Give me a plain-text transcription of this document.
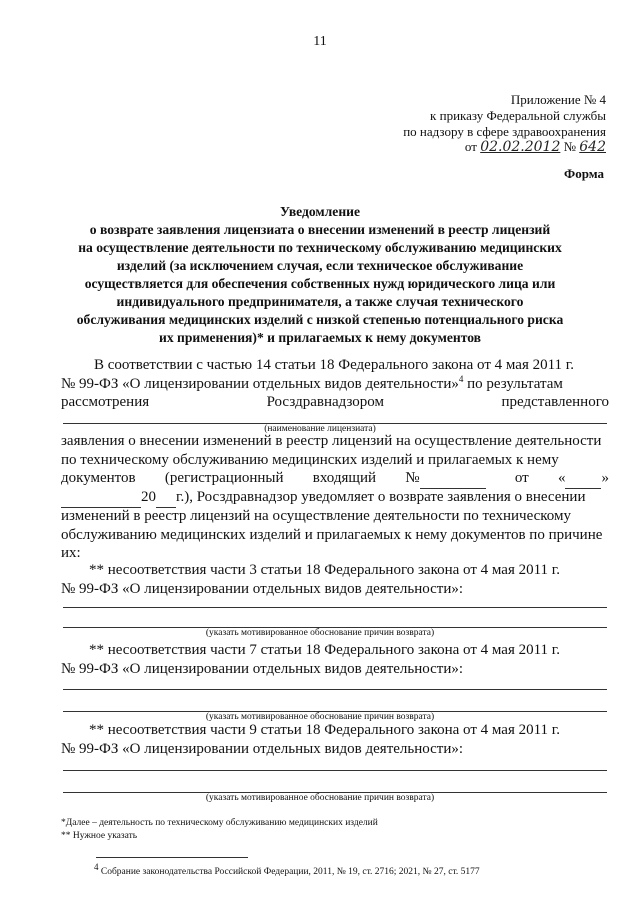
11
Приложение № 4
к приказу Федеральной службы
по надзору в сфере здравоохранения
от 02.02.2012 № 642
Форма
Уведомление
о возврате заявления лицензиата о внесении изменений в реестр лицензий
на осуществление деятельности по техническому обслуживанию медицинских
изделий (за исключением случая, если техническое обслуживание
осуществляется для обеспечения собственных нужд юридического лица или
индивидуального предпринимателя, а также случая технического
обслуживания медицинских изделий с низкой степенью потенциального риска
их применения)* и прилагаемых к нему документов
В соответствии с частью 14 статьи 18 Федерального закона от 4 мая 2011 г.
№ 99-ФЗ «О лицензировании отдельных видов деятельности»$^4$ по результатам
рассмотрения	Росздравнадзором	представленного
(наименование лицензиата)
заявления о внесении изменений в реестр лицензий на осуществление деятельности
по техническому обслуживанию медицинских изделий и прилагаемых к нему
документов (регистрационный входящий №	от « »
20 г.), Росздравнадзор уведомляет о возврате заявления о внесении
изменений в реестр лицензий на осуществление деятельности по техническому
обслуживанию медицинских изделий и прилагаемых к нему документов по причине
их:
** несоответствия части 3 статьи 18 Федерального закона от 4 мая 2011 г.
№ 99-ФЗ «О лицензировании отдельных видов деятельности»:
(указать мотивированное обоснование причин возврата)
** несоответствия части 7 статьи 18 Федерального закона от 4 мая 2011 г.
№ 99-ФЗ «О лицензировании отдельных видов деятельности»:
(указать мотивированное обоснование причин возврата)
** несоответствия части 9 статьи 18 Федерального закона от 4 мая 2011 г.
№ 99-ФЗ «О лицензировании отдельных видов деятельности»:
(указать мотивированное обоснование причин возврата)
*Далее – деятельность по техническому обслуживанию медицинских изделий
** Нужное указать
$^4$ Собрание законодательства Российской Федерации, 2011, № 19, ст. 2716; 2021, № 27, ст. 5177
